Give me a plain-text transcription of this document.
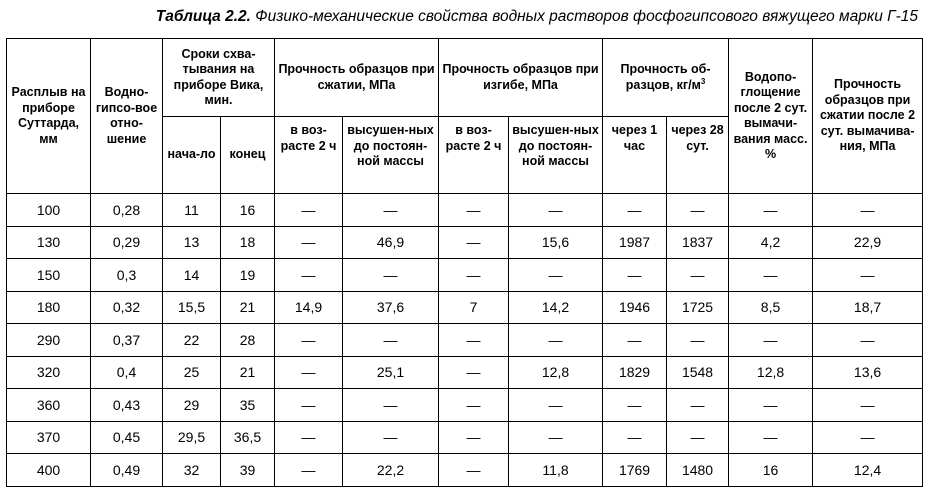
Таблица 2.2. Физико-механические свойства водных растворов фосфогипсового вяжущего марки Г-15
Расплыв на приборе Суттарда, мм	Водно-гипсо-вое отно-шение	Сроки схва-тывания на приборе Вика, мин.		Прочность образцов при сжатии, МПа		Прочность образцов при изгибе, МПа		Прочность об-разцов, $кг/м^3$		Водопо-глощение после 2 сут. вымачи-вания масс. %	Прочность образцов при сжатии после 2 сут. вымачива-ния, МПа
		нача-ло	конец	в воз-расте 2 ч	высушен-ных до постоян-ной массы	в воз-расте 2 ч	высушен-ных до постоян-ной массы	через 1 час	через 28 сут.		
100	0,28	11	16	—	—	—	—	—	—	—	—
130	0,29	13	18	—	46,9	—	15,6	1987	1837	4,2	22,9
150	0,3	14	19	—	—	—	—	—	—	—	—
180	0,32	15,5	21	14,9	37,6	7	14,2	1946	1725	8,5	18,7
290	0,37	22	28	—	—	—	—	—	—	—	—
320	0,4	25	21	—	25,1	—	12,8	1829	1548	12,8	13,6
360	0,43	29	35	—	—	—	—	—	—	—	—
370	0,45	29,5	36,5	—	—	—	—	—	—	—	—
400	0,49	32	39	—	22,2	—	11,8	1769	1480	16	12,4
